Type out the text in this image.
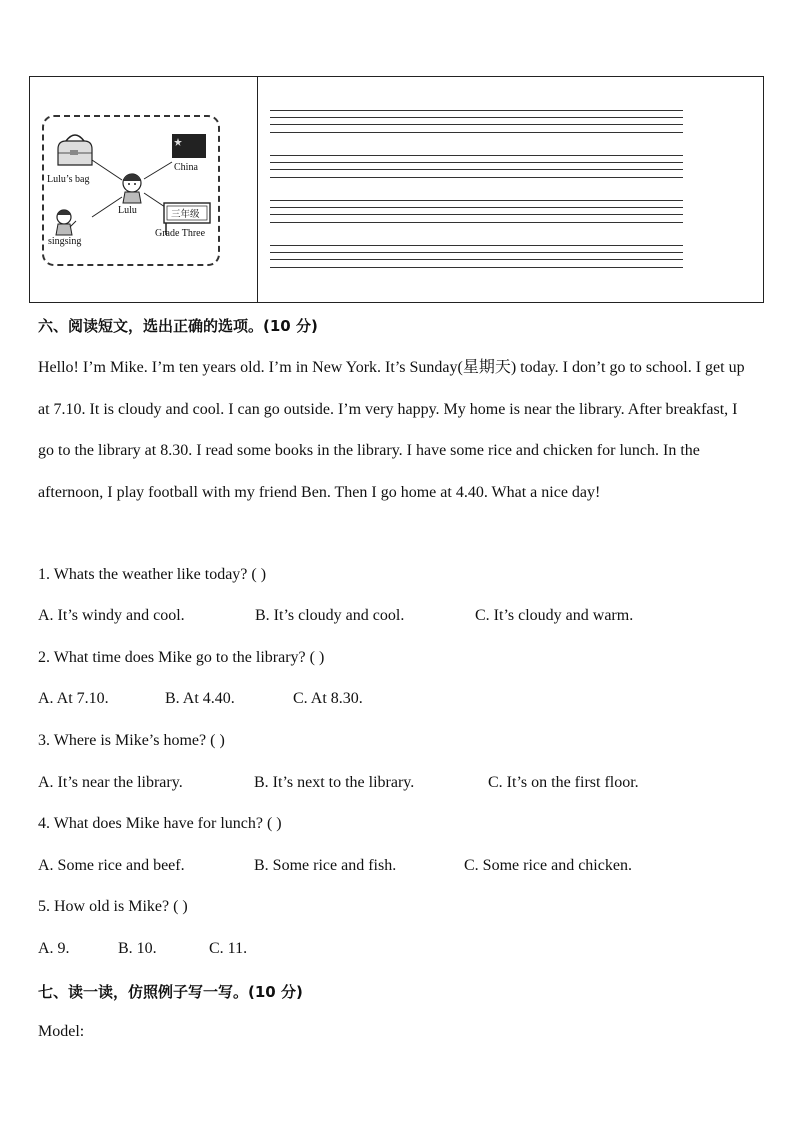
Lulu’s bag
China
Lulu
singsing
三年级
Grade Three
六、阅读短文，选出正确的选项。(10 分)
Hello! I’m Mike. I’m ten years old. I’m in New York. It’s Sunday(星期天) today. I don’t go to school. I get up at 7.10. It is cloudy and cool. I can go outside. I’m very happy. My home is near the library. After breakfast, I go to the library at 8.30. I read some books in the library. I have some rice and chicken for lunch. In the afternoon, I play football with my friend Ben. Then I go home at 4.40. What a nice day!
1. Whats the weather like today? ( )
A. It’s windy and cool.	B. It’s cloudy and cool.	C. It’s cloudy and warm.
2. What time does Mike go to the library? ( )
A. At 7.10.	B. At 4.40.	C. At 8.30.
3. Where is Mike’s home? ( )
A. It’s near the library.	B. It’s next to the library.	C. It’s on the first floor.
4. What does Mike have for lunch? ( )
A. Some rice and beef.	B. Some rice and fish.	C. Some rice and chicken.
5. How old is Mike? ( )
A. 9.	B. 10.	C. 11.
七、读一读，仿照例子写一写。(10 分)
Model:
